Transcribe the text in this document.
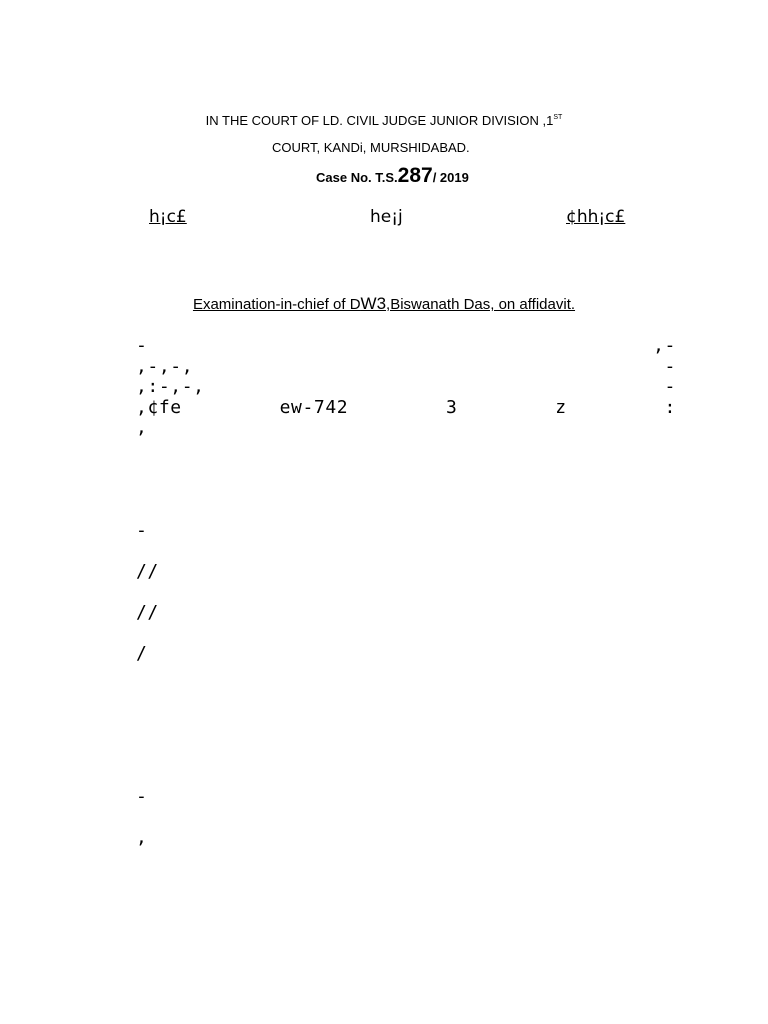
IN THE COURT OF LD. CIVIL JUDGE JUNIOR DIVISION ,1ST
COURT, KANDi, MURSHIDABAD.
Case No. T.S.287/ 2019
h¡c£	he¡j	¢hh¡c£
Examination-in-chief of DW3,Biswanath Das, on affidavit.
- ,-
,-,-, -
,:-,-, -
,¢fe ew-742 3 z :
,
-
//
//
/
-
,
